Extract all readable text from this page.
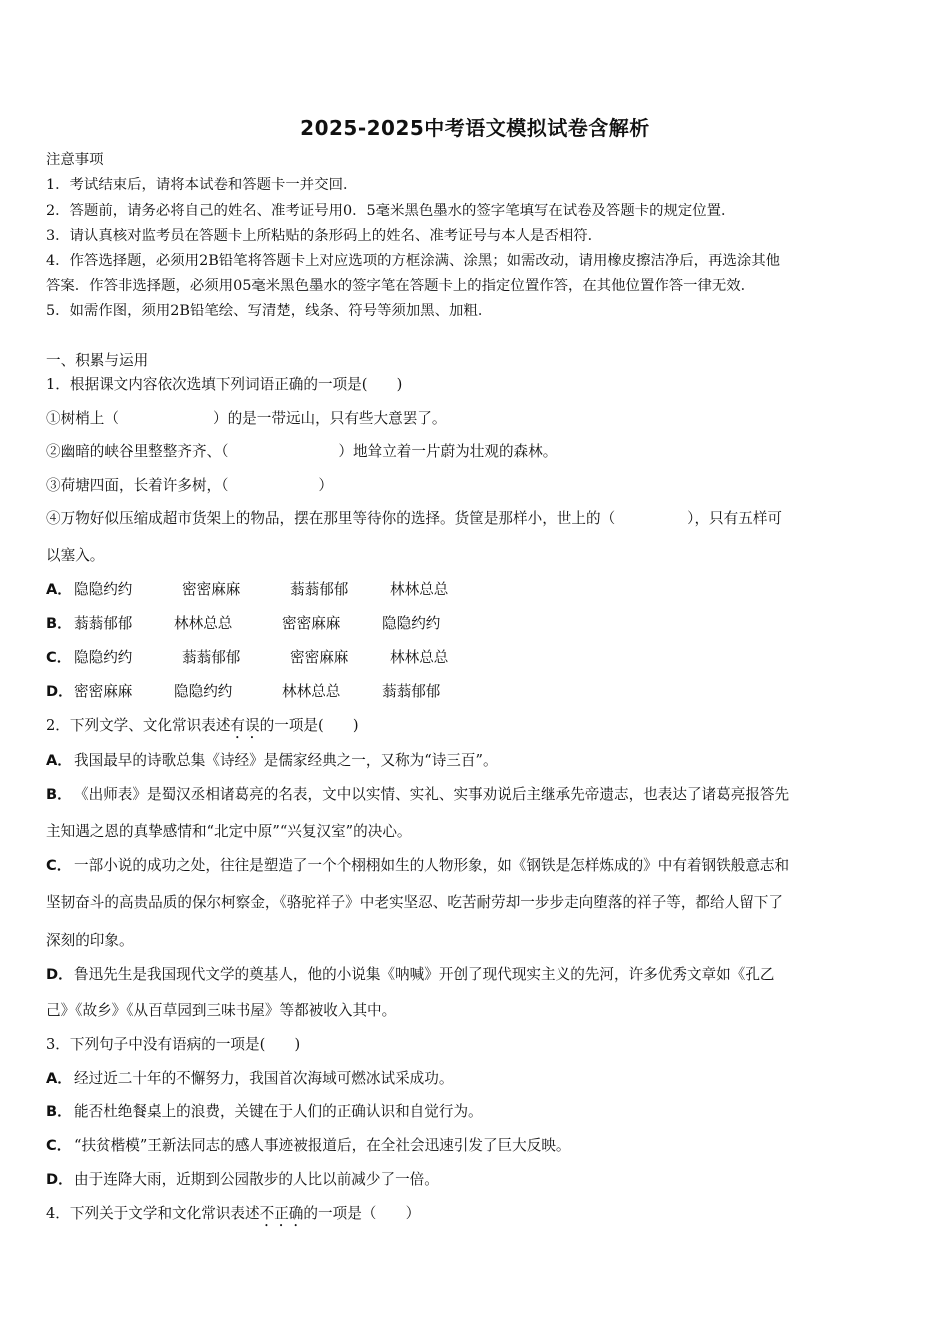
2025-2025中考语文模拟试卷含解析
注意事项
1．考试结束后，请将本试卷和答题卡一并交回．
2．答题前，请务必将自己的姓名、准考证号用0．5毫米黑色墨水的签字笔填写在试卷及答题卡的规定位置．
3．请认真核对监考员在答题卡上所粘贴的条形码上的姓名、准考证号与本人是否相符．
4．作答选择题，必须用2B铅笔将答题卡上对应选项的方框涂满、涂黑；如需改动，请用橡皮擦洁净后，再选涂其他
答案．作答非选择题，必须用05毫米黑色墨水的签字笔在答题卡上的指定位置作答，在其他位置作答一律无效．
5．如需作图，须用2B铅笔绘、写清楚，线条、符号等须加黑、加粗．
一、积累与运用
1．根据课文内容依次选填下列词语正确的一项是(　　)
①树梢上（	）的是一带远山，只有些大意罢了。
②幽暗的峡谷里整整齐齐、（	）地耸立着一片蔚为壮观的森林。
③荷塘四面，长着许多树，（	）
④万物好似压缩成超市货架上的物品，摆在那里等待你的选择。货筐是那样小，世上的（	），只有五样可
以塞入。
A． 隐隐约约	密密麻麻	蓊蓊郁郁	林林总总
B． 蓊蓊郁郁	林林总总	密密麻麻	隐隐约约
C． 隐隐约约	蓊蓊郁郁	密密麻麻	林林总总
D．密密麻麻	隐隐约约	林林总总	蓊蓊郁郁
2．下列文学、文化常识表述有误的一项是(　　)
A． 我国最早的诗歌总集《诗经》是儒家经典之一，又称为“诗三百”。
B． 《出师表》是蜀汉丞相诸葛亮的名表，文中以实情、实礼、实事劝说后主继承先帝遗志，也表达了诸葛亮报答先
主知遇之恩的真挚感情和“北定中原”“兴复汉室”的决心。
C． 一部小说的成功之处，往往是塑造了一个个栩栩如生的人物形象，如《钢铁是怎样炼成的》中有着钢铁般意志和
坚韧奋斗的高贵品质的保尔柯察金，《骆驼祥子》中老实坚忍、吃苦耐劳却一步步走向堕落的祥子等，都给人留下了
深刻的印象。
D．鲁迅先生是我国现代文学的奠基人，他的小说集《呐喊》开创了现代现实主义的先河，许多优秀文章如《孔乙
己》《故乡》《从百草园到三味书屋》等都被收入其中。
3．下列句子中没有语病的一项是(　　)
A． 经过近二十年的不懈努力，我国首次海域可燃冰试采成功。
B． 能否杜绝餐桌上的浪费，关键在于人们的正确认识和自觉行为。
C． “扶贫楷模”王新法同志的感人事迹被报道后，在全社会迅速引发了巨大反映。
D．由于连降大雨，近期到公园散步的人比以前减少了一倍。
4．下列关于文学和文化常识表述不正确的一项是（　　）
